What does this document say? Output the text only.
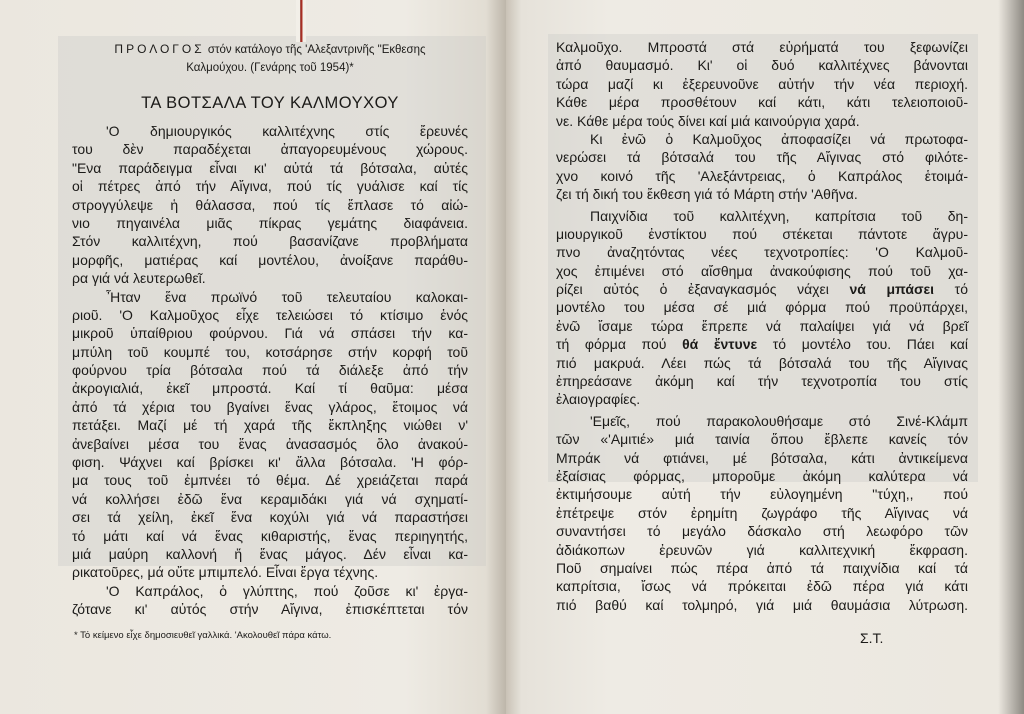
ΠΡΟΛΟΓΟΣ στόν κατάλογο τῆς 'Αλεξαντρινῆς "Εκθεσης
Καλμούχου. (Γενάρης τοῦ 1954)*
ΤΑ ΒΟΤΣΑΛΑ ΤΟΥ ΚΑΛΜΟΥΧΟΥ
'Ο δημιουργικός καλλιτέχνης στίς ἔρευνές
του δὲν παραδέχεται ἀπαγορευμένους χώρους.
"Ενα παράδειγμα εἶναι κι' αὐτά τά βότσαλα, αὐτές
οἱ πέτρες ἀπό τήν Αἴγινα, πού τίς γυάλισε καί τίς
στρογγύλεψε ἡ θάλασσα, πού τίς ἔπλασε τό αἰώ-
νιο πηγαινέλα μιᾶς πίκρας γεμάτης διαφάνεια.
Στόν καλλιτέχνη, πού βασανίζανε προβλήματα
μορφῆς, ματιέρας καί μοντέλου, ἀνοίξανε παράθυ-
ρα γιά νά λευτερωθεῖ.
Ἦταν ἕνα πρωϊνό τοῦ τελευταίου καλοκαι-
ριοῦ. 'Ο Καλμοῦχος εἶχε τελειώσει τό κτίσιμο ἑνός
μικροῦ ὑπαίθριου φούρνου. Γιά νά σπάσει τήν κα-
μπύλη τοῦ κουμπέ του, κοτσάρησε στήν κορφή τοῦ
φούρνου τρία βότσαλα πού τά διάλεξε ἀπό τήν
ἀκρογιαλιά, ἐκεῖ μπροστά. Καί τί θαῦμα: μέσα
ἀπό τά χέρια του βγαίνει ἕνας γλάρος, ἕτοιμος νά
πετάξει. Μαζί μέ τή χαρά τῆς ἔκπληξης νιώθει ν'
ἀνεβαίνει μέσα του ἕνας ἀνασασμός ὅλο ἀνακού-
φιση. Ψάχνει καί βρίσκει κι' ἄλλα βότσαλα. 'Η φόρ-
μα τους τοῦ ἐμπνέει τό θέμα. Δέ χρειάζεται παρά
νά κολλήσει ἐδῶ ἕνα κεραμιδάκι γιά νά σχηματί-
σει τά χείλη, ἐκεῖ ἕνα κοχύλι γιά νά παραστήσει
τό μάτι καί νά ἕνας κιθαριστής, ἕνας περιηγητής,
μιά μαύρη καλλονή ἤ ἕνας μάγος. Δέν εἶναι κα-
ρικατοῦρες, μά οὔτε μπιμπελό. Εἶναι ἔργα τέχνης.
'Ο Καπράλος, ὁ γλύπτης, πού ζοῦσε κι' ἐργα-
ζότανε κι' αὐτός στήν Αἴγινα, ἐπισκέπτεται τόν
* Τό κείμενο εἶχε δημοσιευθεῖ γαλλικά. 'Ακολουθεῖ πάρα κάτω.
Καλμοῦχο. Μπροστά στά εὑρήματά του ξεφωνίζει
ἀπό θαυμασμό. Κι' οἱ δυό καλλιτέχνες βάνονται
τώρα μαζί κι ἐξερευνοῦνε αὐτήν τήν νέα περιοχή.
Κάθε μέρα προσθέτουν καί κάτι, κάτι τελειοποιοῦ-
νε. Κάθε μέρα τούς δίνει καί μιά καινούργια χαρά.
Κι ἐνῶ ὁ Καλμοῦχος ἀποφασίζει νά πρωτοφα-
νερώσει τά βότσαλά του τῆς Αἴγινας στό φιλότε-
χνο κοινό τῆς 'Αλεξάντρειας, ὁ Καπράλος ἑτοιμά-
ζει τή δική του ἔκθεση γιά τό Μάρτη στήν 'Αθῆνα.
Παιχνίδια τοῦ καλλιτέχνη, καπρίτσια τοῦ δη-
μιουργικοῦ ἐνστίκτου πού στέκεται πάντοτε ἄγρυ-
πνο ἀναζητόντας νέες τεχνοτροπίες: 'Ο Καλμοῦ-
χος ἐπιμένει στό αἴσθημα ἀνακούφισης πού τοῦ χα-
ρίζει αὐτός ὁ ἐξαναγκασμός νάχει νά μπάσει τό
μοντέλο του μέσα σέ μιά φόρμα πού προϋπάρχει,
ἐνῶ ἴσαμε τώρα ἔπρεπε νά παλαίψει γιά νά βρεῖ
τή φόρμα πού θά ἔντυνε τό μοντέλο του. Πάει καί
πιό μακρυά. Λέει πώς τά βότσαλά του τῆς Αἴγινας
ἐπηρεάσανε ἀκόμη καί τήν τεχνοτροπία του στίς
ἐλαιογραφίες.
'Εμεῖς, πού παρακολουθήσαμε στό Σινέ-Κλάμπ
τῶν «'Αμιτιέ» μιά ταινία ὅπου ἔβλεπε κανείς τόν
Μπράκ νά φτιάνει, μέ βότσαλα, κάτι ἀντικείμενα
ἐξαίσιας φόρμας, μποροῦμε ἀκόμη καλύτερα νά
ἐκτιμήσουμε αὐτή τήν εὐλογημένη ''τύχη,, πού
ἐπέτρεψε στόν ἐρημίτη ζωγράφο τῆς Αἴγινας νά
συναντήσει τό μεγάλο δάσκαλο στή λεωφόρο τῶν
ἀδιάκοπων ἐρευνῶν γιά καλλιτεχνική ἔκφραση.
Ποῦ σημαίνει πώς πέρα ἀπό τά παιχνίδια καί τά
καπρίτσια, ἴσως νά πρόκειται ἐδῶ πέρα γιά κάτι
πιό βαθύ καί τολμηρό, γιά μιά θαυμάσια λύτρωση.
Σ.Τ.
